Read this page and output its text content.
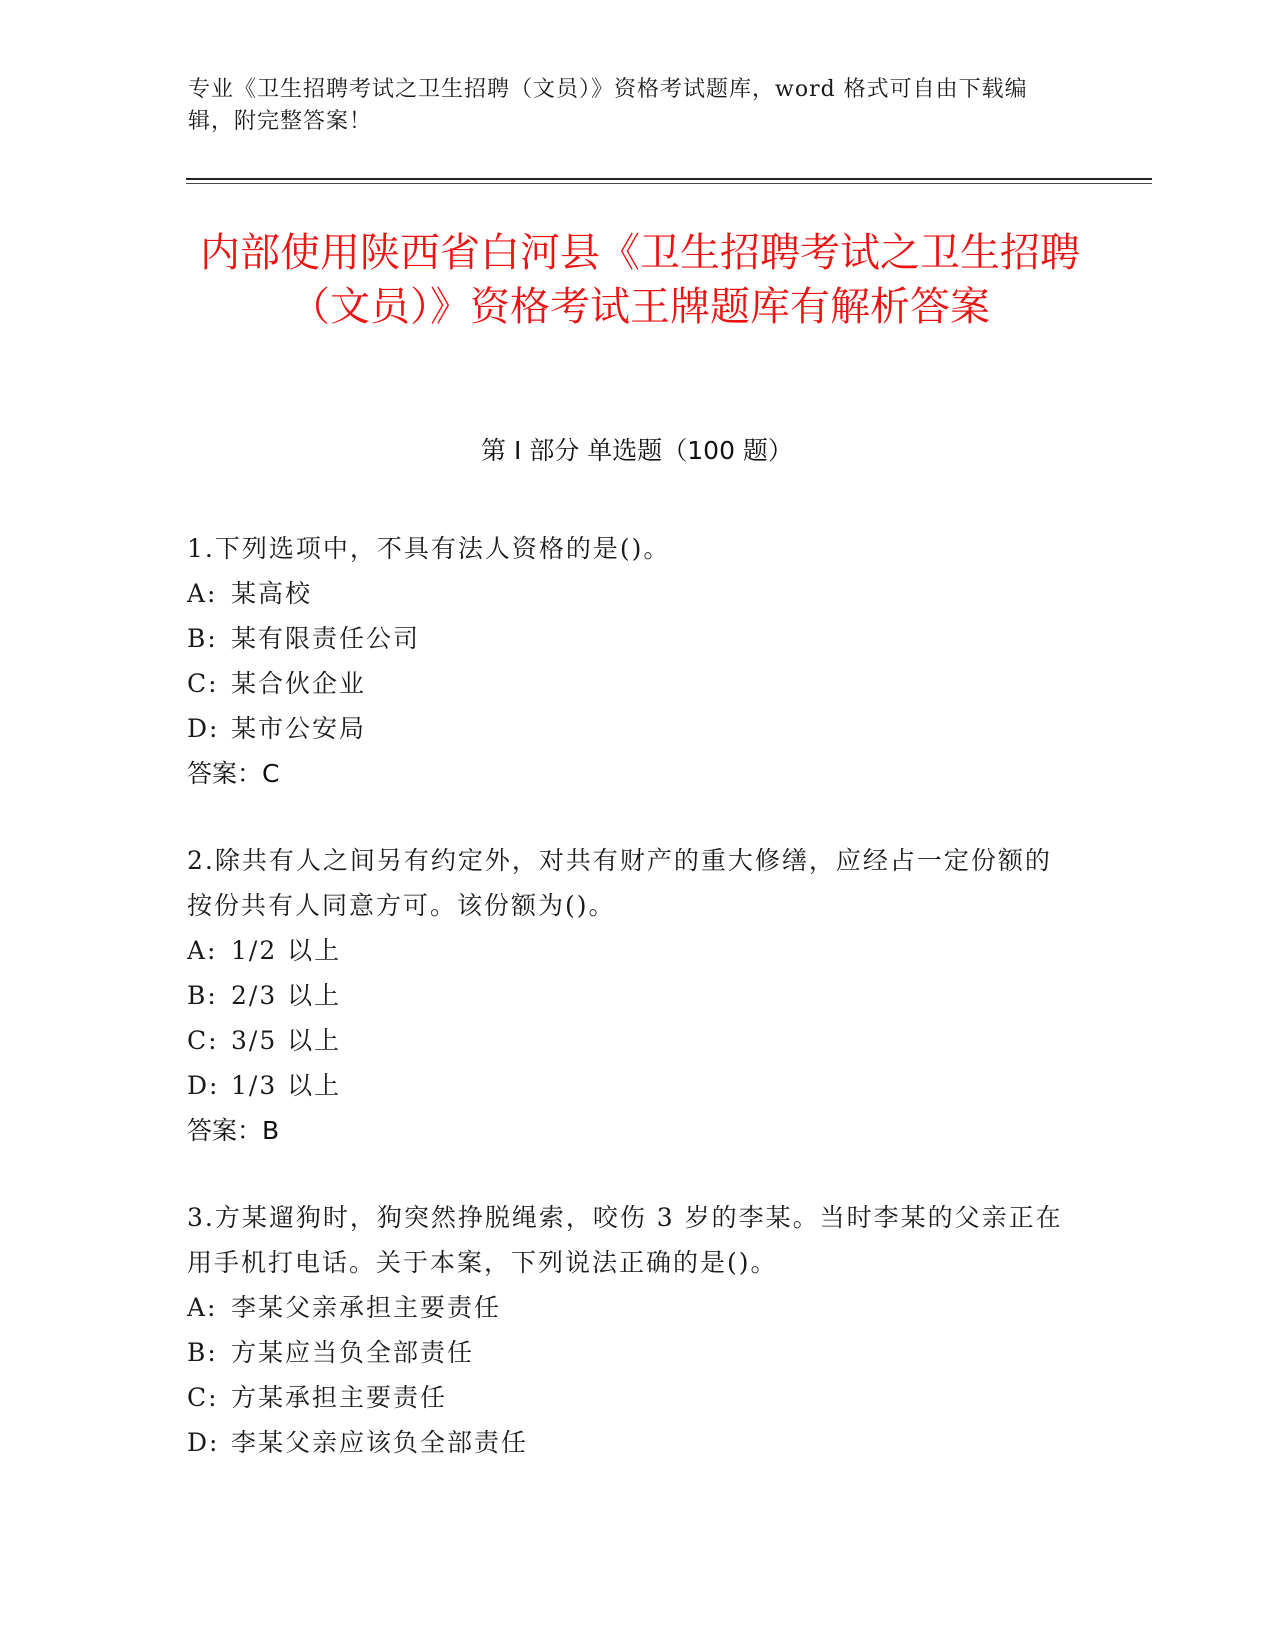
专业《卫生招聘考试之卫生招聘（文员）》资格考试题库，word 格式可自由下载编辑，附完整答案！
内部使用陕西省白河县《卫生招聘考试之卫生招聘（文员）》资格考试王牌题库有解析答案
第 I 部分 单选题（100 题）

1.下列选项中，不具有法人资格的是()。

A: 某高校

B: 某有限责任公司

C: 某合伙企业

D: 某市公安局

答案：C

2.除共有人之间另有约定外，对共有财产的重大修缮，应经占一定份额的按份共有人同意方可。该份额为()。

A: 1/2 以上

B: 2/3 以上

C: 3/5 以上

D: 1/3 以上

答案：B

3.方某遛狗时，狗突然挣脱绳索，咬伤 3 岁的李某。当时李某的父亲正在用手机打电话。关于本案，下列说法正确的是()。

A: 李某父亲承担主要责任

B: 方某应当负全部责任

C: 方某承担主要责任

D: 李某父亲应该负全部责任
